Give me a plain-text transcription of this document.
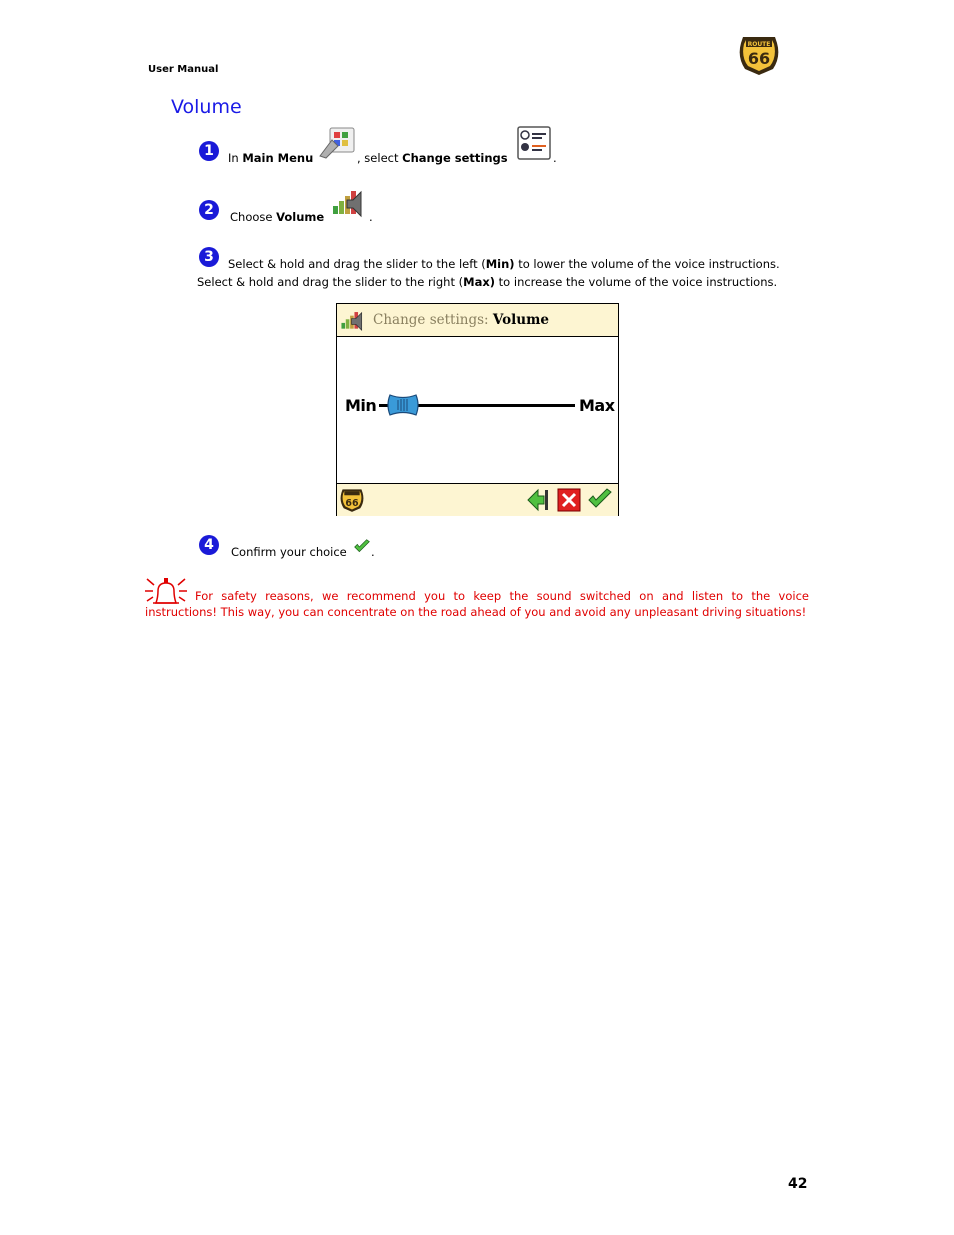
User Manual
ROUTE
66
Volume
1	In Main Menu	, select Change settings	.
2	Choose Volume	.
3	Select & hold and drag the slider to the left (Min) to lower the volume of the voice instructions.
Select & hold and drag the slider to the right (Max) to increase the volume of the voice instructions.
Change settings: Volume
Min	Max
66
4	Confirm your choice .
For safety reasons, we recommend you to keep the sound switched on and listen to the voice instructions! This way, you can concentrate on the road ahead of you and avoid any unpleasant driving situations!
42
